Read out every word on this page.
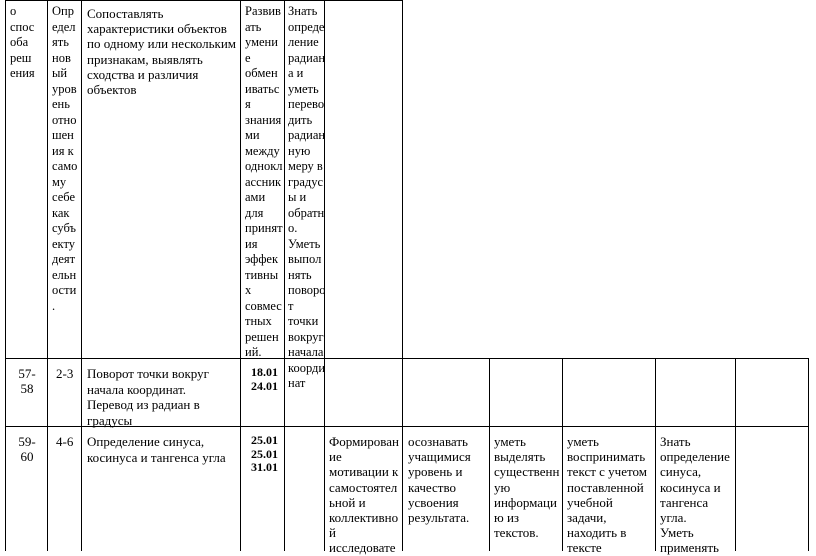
о
спос
оба
реш
ения
Опр
едел
ять
нов
ый
уров
ень
отно
шен
ия к
само
му
себе
как
субъ
екту
деят
ельн
ости
.
Сопоставлять
характеристики объектов
по одному или нескольким
признакам, выявлять
сходства и различия
объектов
Развив
ать
умени
е
обмен
иватьс
я
знания
ми
между
однокл
ассник
ами
для
принят
ия
эффек
тивны
х
совмес
тных
решен
ий.
Знать
опреде
ление
радиан
а и
уметь
перево
дить
радиан
ную
меру в
градус
ы и
обратн
о.
Уметь
выпол
нять
поворо
т
точки
вокруг
начала
коорди
нат
57-
58
2-3 Поворот точки вокруг
начала координат.
Перевод из радиан в
градусы
18.01
24.01
59-
60
4-6 Определение синуса,
косинуса и тангенса угла
25.01
25.01
31.01
Формирован
ие
мотивации к
самостоятел
ьной и
коллективно
й
исследовате
осознавать
учащимися
уровень и
качество
усвоения
результата.
уметь
выделять
существенн
ую
информаци
ю из
текстов.
уметь
воспринимать
текст с учетом
поставленной
учебной
задачи,
находить в
тексте
Знать
определение
синуса,
косинуса и
тангенса
угла.
Уметь
применять
